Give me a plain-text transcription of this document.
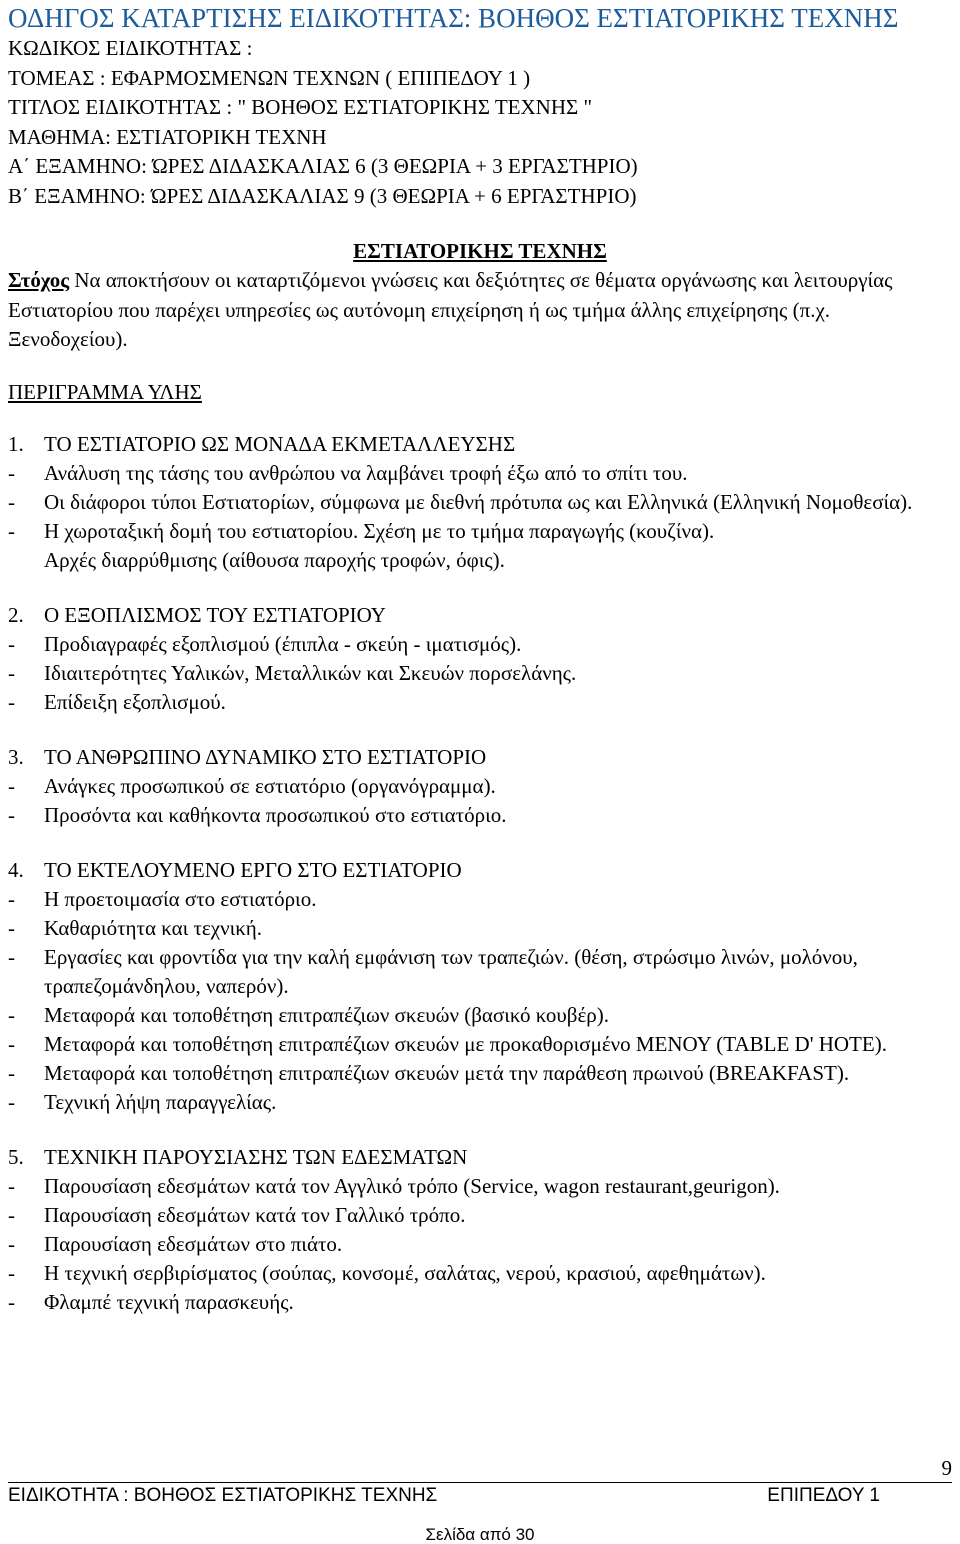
ΟΔΗΓΟΣ ΚΑΤΑΡΤΙΣΗΣ ΕΙΔΙΚΟΤΗΤΑΣ: ΒΟΗΘΟΣ ΕΣΤΙΑΤΟΡΙΚΗΣ ΤΕΧΝΗΣ

ΚΩΔΙΚΟΣ ΕΙΔΙΚΟΤΗΤΑΣ :

ΤΟΜΕΑΣ : ΕΦΑΡΜΟΣΜΕΝΩΝ ΤΕΧΝΩΝ ( ΕΠΙΠΕΔΟΥ 1 )

ΤΙΤΛΟΣ ΕΙΔΙΚΟΤΗΤΑΣ : " ΒΟΗΘΟΣ ΕΣΤΙΑΤΟΡΙΚΗΣ ΤΕΧΝΗΣ "

ΜΑΘΗΜΑ: ΕΣΤΙΑΤΟΡΙΚΗ ΤΕΧΝΗ

Α΄ ΕΞΑΜΗΝΟ: ΏΡΕΣ ΔΙΔΑΣΚΑΛΙΑΣ 6 (3 ΘΕΩΡΙΑ + 3 ΕΡΓΑΣΤΗΡΙΟ)

Β΄ ΕΞΑΜΗΝΟ: ΏΡΕΣ ΔΙΔΑΣΚΑΛΙΑΣ 9 (3 ΘΕΩΡΙΑ + 6 ΕΡΓΑΣΤΗΡΙΟ)

ΕΣΤΙΑΤΟΡΙΚΗΣ ΤΕΧΝΗΣ

Στόχος Να αποκτήσουν οι καταρτιζόμενοι γνώσεις και δεξιότητες σε θέματα οργάνωσης και λειτουργίας Εστιατορίου που παρέχει υπηρεσίες ως αυτόνομη επιχείρηση ή ως τμήμα άλλης επιχείρησης (π.χ. Ξενοδοχείου).

ΠΕΡΙΓΡΑΜΜΑ ΥΛΗΣ
1. ΤΟ ΕΣΤΙΑΤΟΡΙΟ ΩΣ ΜΟΝΑΔΑ ΕΚΜΕΤΑΛΛΕΥΣΗΣ
-	Ανάλυση της τάσης του ανθρώπου να λαμβάνει τροφή έξω από το σπίτι του.
-	Οι διάφοροι τύποι Εστιατορίων, σύμφωνα με διεθνή πρότυπα ως και Ελληνικά (Ελληνική Νομοθεσία).
-	Η χωροταξική δομή του εστιατορίου. Σχέση με το τμήμα παραγωγής (κουζίνα).
Αρχές διαρρύθμισης (αίθουσα παροχής τροφών, όφις).
2. Ο ΕΞΟΠΛΙΣΜΟΣ ΤΟΥ ΕΣΤΙΑΤΟΡΙΟΥ
-	Προδιαγραφές εξοπλισμού (έπιπλα - σκεύη - ιματισμός).
-	Ιδιαιτερότητες Υαλικών, Μεταλλικών και Σκευών πορσελάνης.
-	Επίδειξη εξοπλισμού.
3. ΤΟ ΑΝΘΡΩΠΙΝΟ ΔΥΝΑΜΙΚΟ ΣΤΟ ΕΣΤΙΑΤΟΡΙΟ
-	Ανάγκες προσωπικού σε εστιατόριο (οργανόγραμμα).
-	Προσόντα και καθήκοντα προσωπικού στο εστιατόριο.
4. ΤΟ ΕΚΤΕΛΟΥΜΕΝΟ ΕΡΓΟ ΣΤΟ ΕΣΤΙΑΤΟΡΙΟ
-	Η προετοιμασία στο εστιατόριο.
-	Καθαριότητα και τεχνική.
-	Εργασίες και φροντίδα για την καλή εμφάνιση των τραπεζιών. (θέση, στρώσιμο λινών, μολόνου, τραπεζομάνδηλου, ναπερόν).
-	Μεταφορά και τοποθέτηση επιτραπέζιων σκευών (βασικό κουβέρ).
-	Μεταφορά και τοποθέτηση επιτραπέζιων σκευών με προκαθορισμένο ΜΕΝΟΥ (TABLE D' HOTE).
-	Μεταφορά και τοποθέτηση επιτραπέζιων σκευών μετά την παράθεση πρωινού (BREAKFAST).
-	Τεχνική λήψη παραγγελίας.
5. ΤΕΧΝΙΚΗ ΠΑΡΟΥΣΙΑΣΗΣ ΤΩΝ ΕΔΕΣΜΑΤΩΝ
-	Παρουσίαση εδεσμάτων κατά τον Αγγλικό τρόπο (Service, wagon restaurant,geurigon).
-	Παρουσίαση εδεσμάτων κατά τον Γαλλικό τρόπο.
-	Παρουσίαση εδεσμάτων στο πιάτο.
-	Η τεχνική σερβιρίσματος (σούπας, κονσομέ, σαλάτας, νερού, κρασιού, αφεθημάτων).
-	Φλαμπέ τεχνική παρασκευής.
9
ΕΙΔΙΚΟΤΗΤΑ : ΒΟΗΘΟΣ ΕΣΤΙΑΤΟΡΙΚΗΣ ΤΕΧΝΗΣ	ΕΠΙΠΕΔΟΥ 1
Σελίδα από 30
